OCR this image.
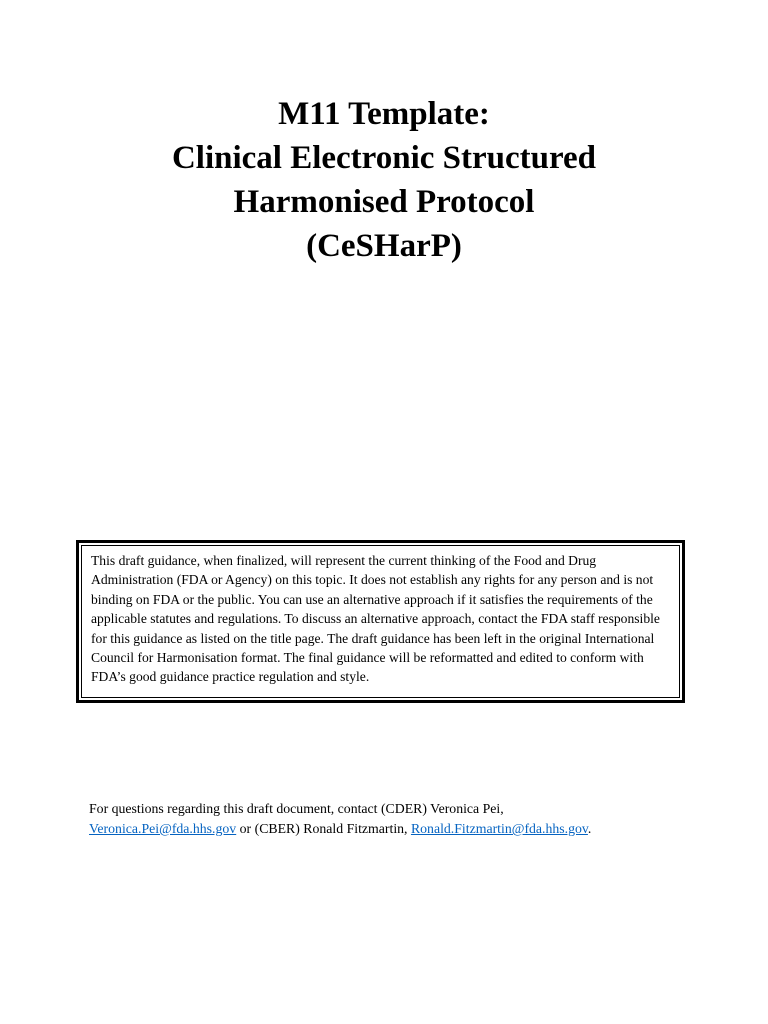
M11 Template:

Clinical Electronic Structured

Harmonised Protocol

(CeSHarP)

This draft guidance, when finalized, will represent the current thinking of the Food and Drug Administration (FDA or Agency) on this topic. It does not establish any rights for any person and is not binding on FDA or the public. You can use an alternative approach if it satisfies the requirements of the applicable statutes and regulations. To discuss an alternative approach, contact the FDA staff responsible for this guidance as listed on the title page. The draft guidance has been left in the original International Council for Harmonisation format. The final guidance will be reformatted and edited to conform with FDA’s good guidance practice regulation and style.

For questions regarding this draft document, contact (CDER) Veronica Pei,

Veronica.Pei@fda.hhs.gov or (CBER) Ronald Fitzmartin, Ronald.Fitzmartin@fda.hhs.gov.
